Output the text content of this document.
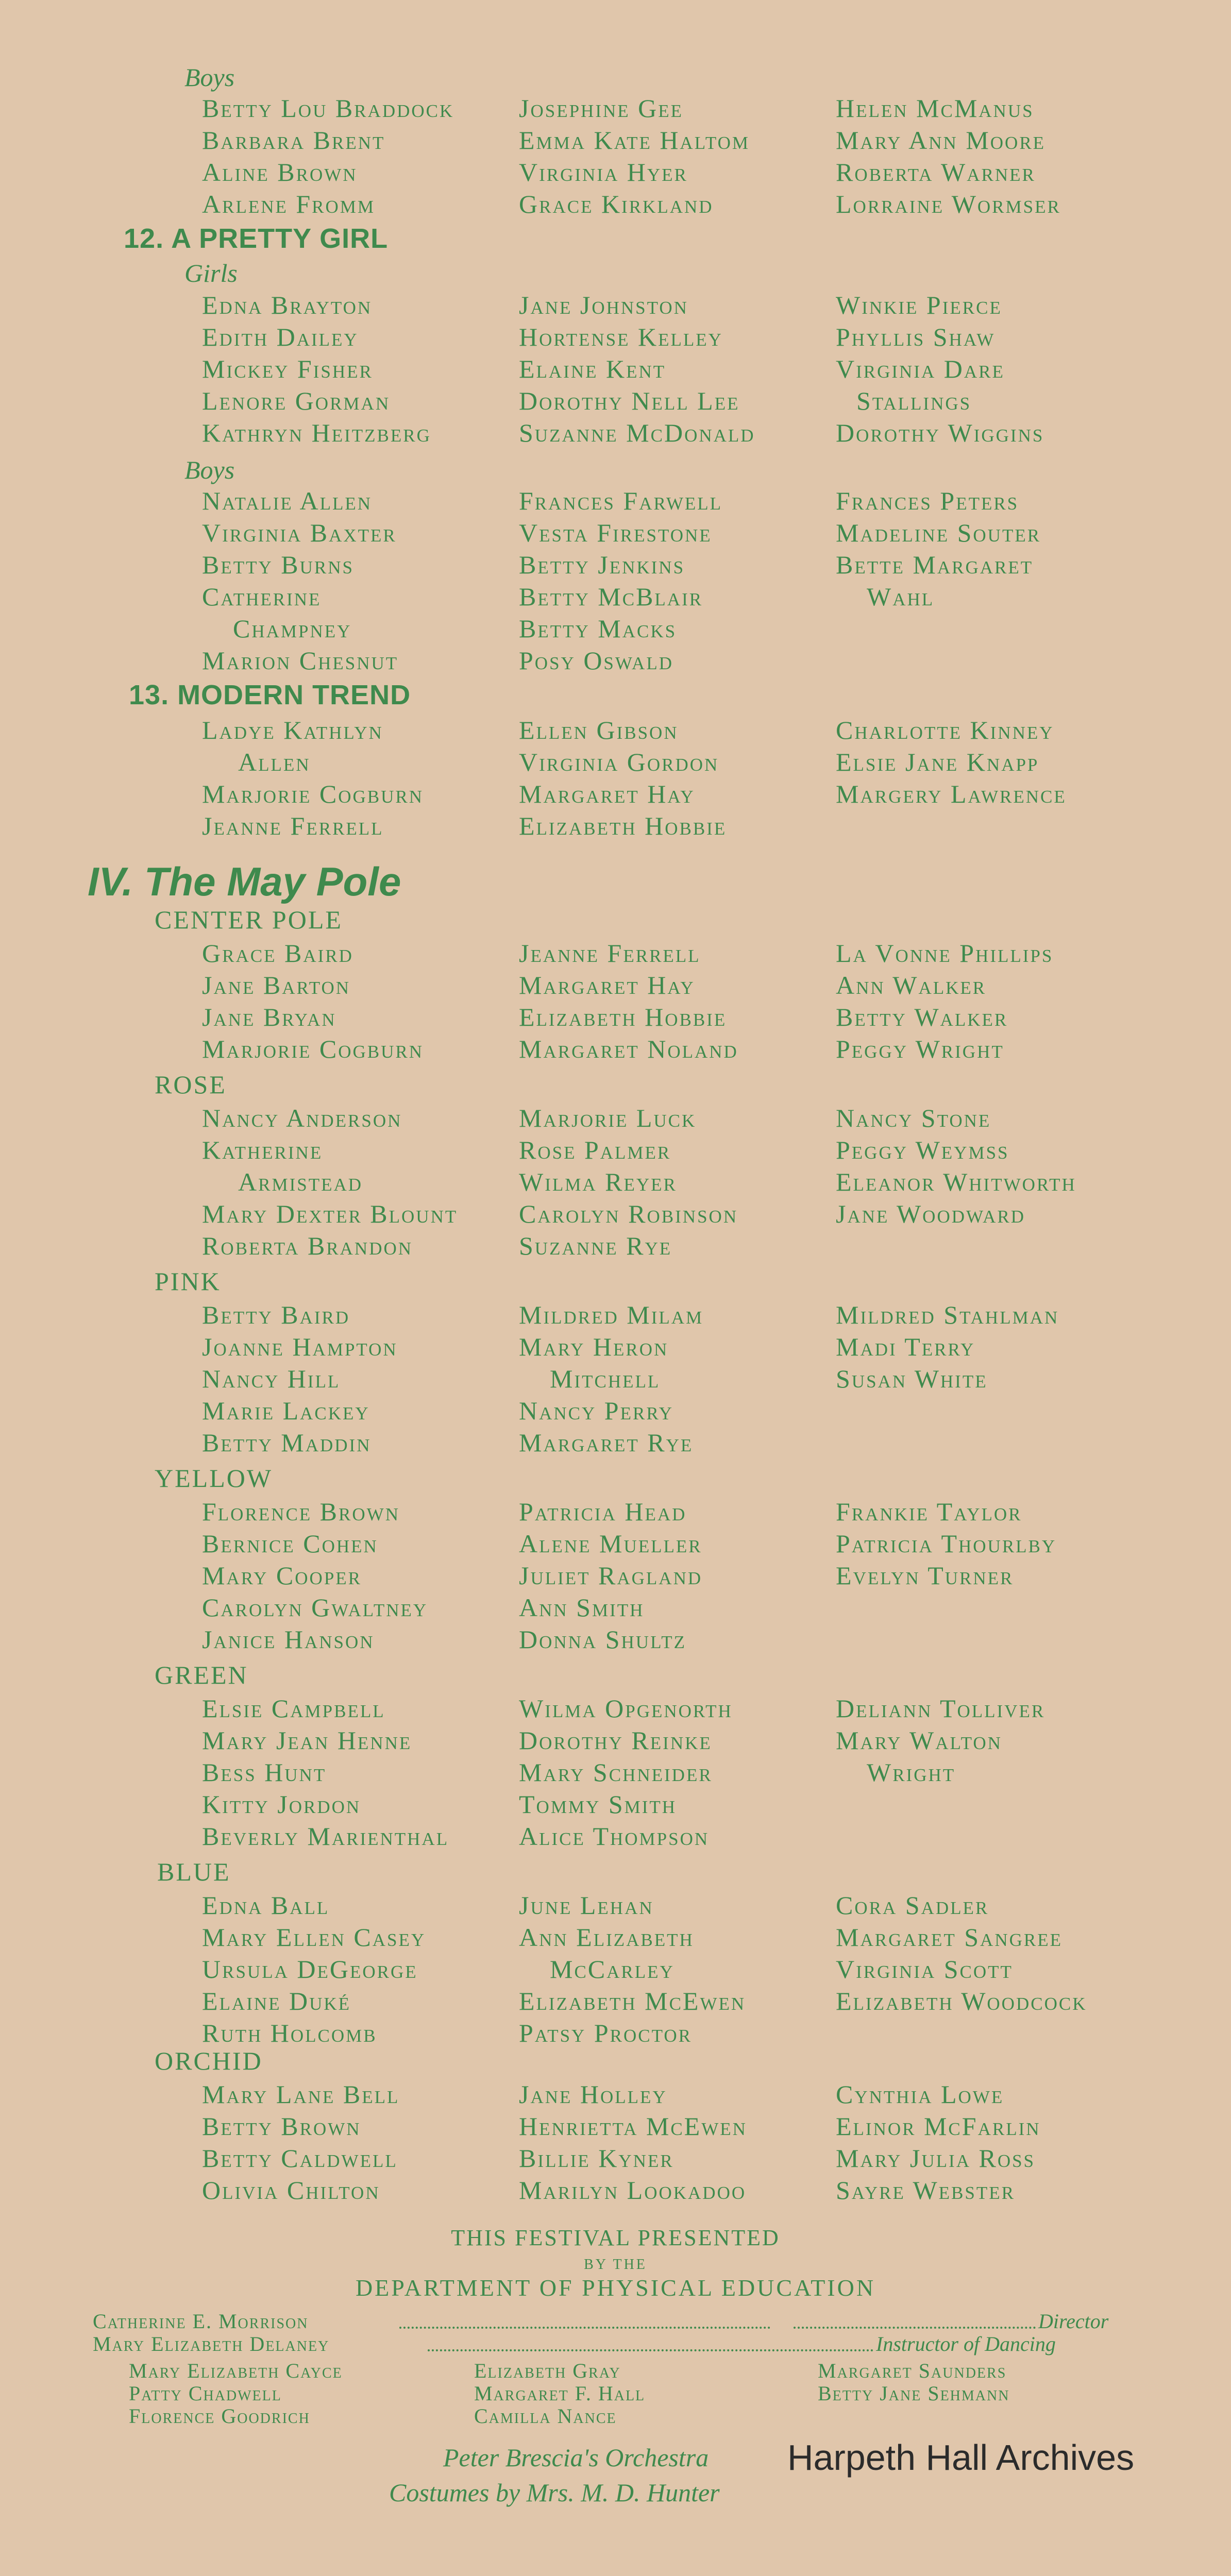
Boys
Betty Lou Braddock
Barbara Brent
Aline Brown
Arlene Fromm
Josephine Gee
Emma Kate Haltom
Virginia Hyer
Grace Kirkland
Helen McManus
Mary Ann Moore
Roberta Warner
Lorraine Wormser
12. A PRETTY GIRL
Girls
Edna Brayton
Edith Dailey
Mickey Fisher
Lenore Gorman
Kathryn Heitzberg
Jane Johnston
Hortense Kelley
Elaine Kent
Dorothy Nell Lee
Suzanne McDonald
Winkie Pierce
Phyllis Shaw
Virginia Dare
Stallings
Dorothy Wiggins
Boys
Natalie Allen
Virginia Baxter
Betty Burns
Catherine
Champney
Marion Chesnut
Frances Farwell
Vesta Firestone
Betty Jenkins
Betty McBlair
Betty Macks
Posy Oswald
Frances Peters
Madeline Souter
Bette Margaret
Wahl
13. MODERN TREND
Ladye Kathlyn
Allen
Marjorie Cogburn
Jeanne Ferrell
Ellen Gibson
Virginia Gordon
Margaret Hay
Elizabeth Hobbie
Charlotte Kinney
Elsie Jane Knapp
Margery Lawrence
IV. The May Pole
CENTER POLE
Grace Baird
Jane Barton
Jane Bryan
Marjorie Cogburn
Jeanne Ferrell
Margaret Hay
Elizabeth Hobbie
Margaret Noland
La Vonne Phillips
Ann Walker
Betty Walker
Peggy Wright
ROSE
Nancy Anderson
Katherine
Armistead
Mary Dexter Blount
Roberta Brandon
Marjorie Luck
Rose Palmer
Wilma Reyer
Carolyn Robinson
Suzanne Rye
Nancy Stone
Peggy Weymss
Eleanor Whitworth
Jane Woodward
PINK
Betty Baird
Joanne Hampton
Nancy Hill
Marie Lackey
Betty Maddin
Mildred Milam
Mary Heron
Mitchell
Nancy Perry
Margaret Rye
Mildred Stahlman
Madi Terry
Susan White
YELLOW
Florence Brown
Bernice Cohen
Mary Cooper
Carolyn Gwaltney
Janice Hanson
Patricia Head
Alene Mueller
Juliet Ragland
Ann Smith
Donna Shultz
Frankie Taylor
Patricia Thourlby
Evelyn Turner
GREEN
Elsie Campbell
Mary Jean Henne
Bess Hunt
Kitty Jordon
Beverly Marienthal
Wilma Opgenorth
Dorothy Reinke
Mary Schneider
Tommy Smith
Alice Thompson
Deliann Tolliver
Mary Walton
Wright
BLUE
Edna Ball
Mary Ellen Casey
Ursula DeGeorge
Elaine Duké
Ruth Holcomb
June Lehan
Ann Elizabeth
McCarley
Elizabeth McEwen
Patsy Proctor
Cora Sadler
Margaret Sangree
Virginia Scott
Elizabeth Woodcock
ORCHID
Mary Lane Bell
Betty Brown
Betty Caldwell
Olivia Chilton
Jane Holley
Henrietta McEwen
Billie Kyner
Marilyn Lookadoo
Cynthia Lowe
Elinor McFarlin
Mary Julia Ross
Sayre Webster
THIS FESTIVAL PRESENTED
BY THE
DEPARTMENT OF PHYSICAL EDUCATION
Catherine E. Morrison	Director
Mary Elizabeth Delaney	Instructor of Dancing
Mary Elizabeth Cayce
Patty Chadwell
Florence Goodrich
Elizabeth Gray
Margaret F. Hall
Camilla Nance
Margaret Saunders
Betty Jane Sehmann
Peter Brescia's Orchestra
Costumes by Mrs. M. D. Hunter
Harpeth Hall Archives
